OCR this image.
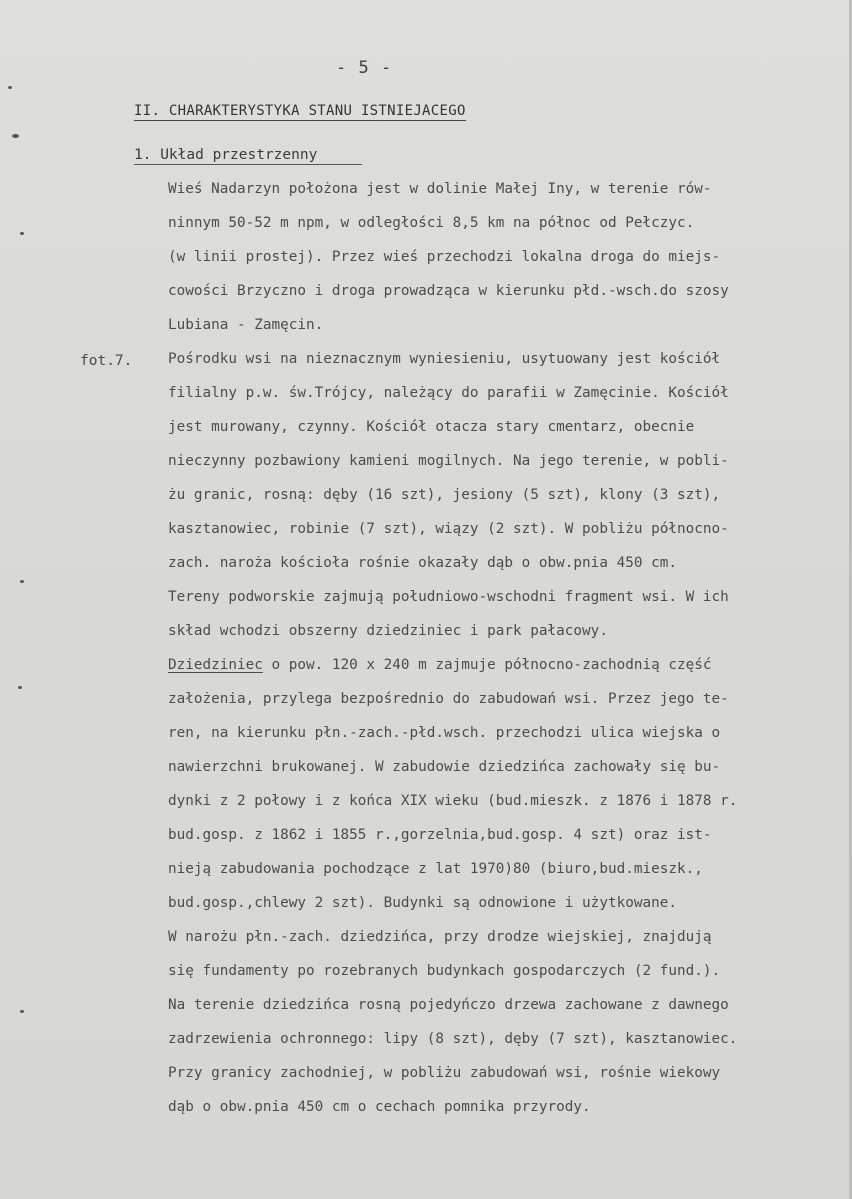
- 5 -
II. CHARAKTERYSTYKA STANU ISTNIEJACEGO
1. Układ przestrzenny
fot.7.
Wieś Nadarzyn położona jest w dolinie Małej Iny, w terenie rów-
ninnym 50-52 m npm, w odległości 8,5 km na północ od Pełczyc.
(w linii prostej). Przez wieś przechodzi lokalna droga do miejs-
cowości Brzyczno i droga prowadząca w kierunku płd.-wsch.do szosy
Lubiana - Zamęcin.
Pośrodku wsi na nieznacznym wyniesieniu, usytuowany jest kościół
filialny p.w. św.Trójcy, należący do parafii w Zamęcinie. Kościół
jest murowany, czynny. Kościół otacza stary cmentarz, obecnie
nieczynny pozbawiony kamieni mogilnych. Na jego terenie, w pobli-
żu granic, rosną: dęby (16 szt), jesiony (5 szt), klony (3 szt),
kasztanowiec, robinie (7 szt), wiązy (2 szt). W pobliżu północno-
zach. naroża kościoła rośnie okazały dąb o obw.pnia 450 cm.
Tereny podworskie zajmują południowo-wschodni fragment wsi. W ich
skład wchodzi obszerny dziedziniec i park pałacowy.
Dziedziniec o pow. 120 x 240 m zajmuje północno-zachodnią część
założenia, przylega bezpośrednio do zabudowań wsi. Przez jego te-
ren, na kierunku płn.-zach.-płd.wsch. przechodzi ulica wiejska o
nawierzchni brukowanej. W zabudowie dziedzińca zachowały się bu-
dynki z 2 połowy i z końca XIX wieku (bud.mieszk. z 1876 i 1878 r.
bud.gosp. z 1862 i 1855 r.,gorzelnia,bud.gosp. 4 szt) oraz ist-
nieją zabudowania pochodzące z lat 1970)80 (biuro,bud.mieszk.,
bud.gosp.,chlewy 2 szt). Budynki są odnowione i użytkowane.
W narożu płn.-zach. dziedzińca, przy drodze wiejskiej, znajdują
się fundamenty po rozebranych budynkach gospodarczych (2 fund.).
Na terenie dziedzińca rosną pojedyńczo drzewa zachowane z dawnego
zadrzewienia ochronnego: lipy (8 szt), dęby (7 szt), kasztanowiec.
Przy granicy zachodniej, w pobliżu zabudowań wsi, rośnie wiekowy
dąb o obw.pnia 450 cm o cechach pomnika przyrody.
